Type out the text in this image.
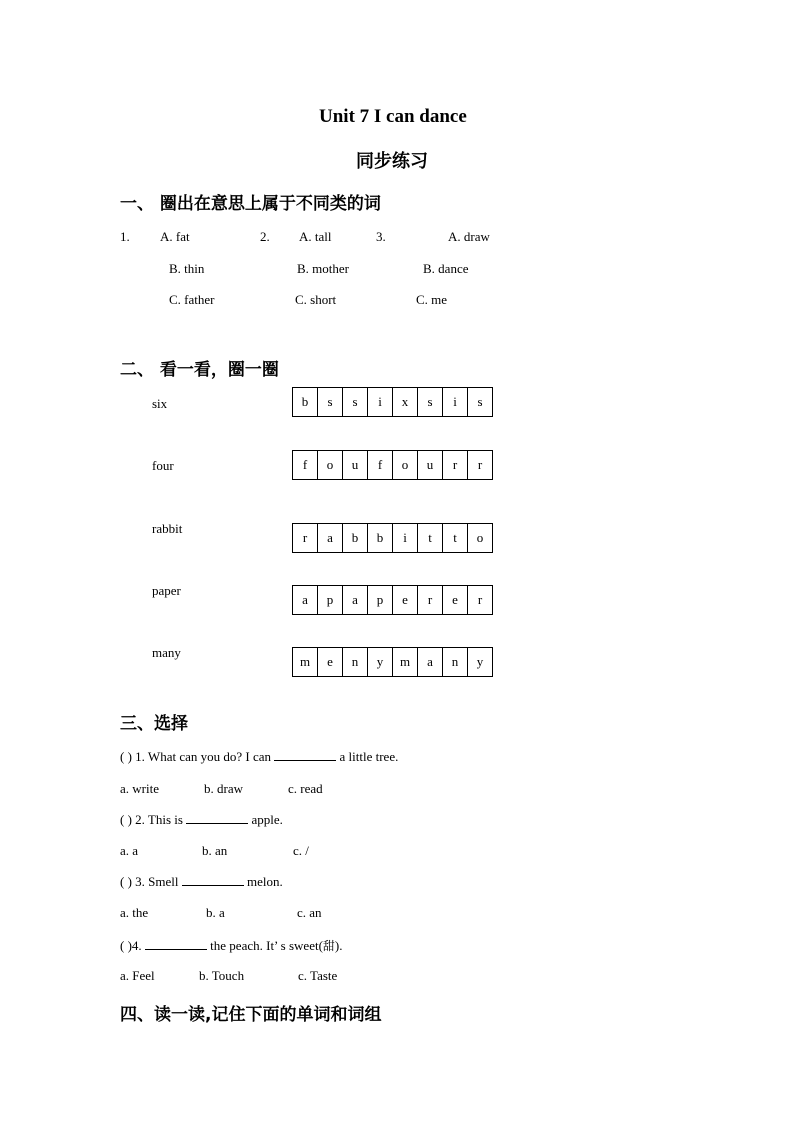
Unit 7 I can dance
同步练习
一、 圈出在意思上属于不同类的词
1. A. fat
B. thin
C. father
2. A. tall
B. mother
C. short
3.	A. draw
B. dance
C. me
二、 看一看，圈一圈
six	b	s	s	i	x	s	i	s
four	f	o	u	f	o	u	r	r
rabbit
r	a	b	b	i	t	t	o
paper
a	p	a	p	e	r	e	r
many
m	e	n	y	m	a	n	y
三、选择
( ) 1. What can you do? I can	a little tree.
a. write	b. draw	c. read
( ) 2. This is	apple.
a. a	b. an	c. /
( ) 3. Smell	melon.
a. the	b. a	c. an
( )4.	the peach. It’ s sweet(甜).
a. Feel	b. Touch	c. Taste
四、读一读,记住下面的单词和词组
